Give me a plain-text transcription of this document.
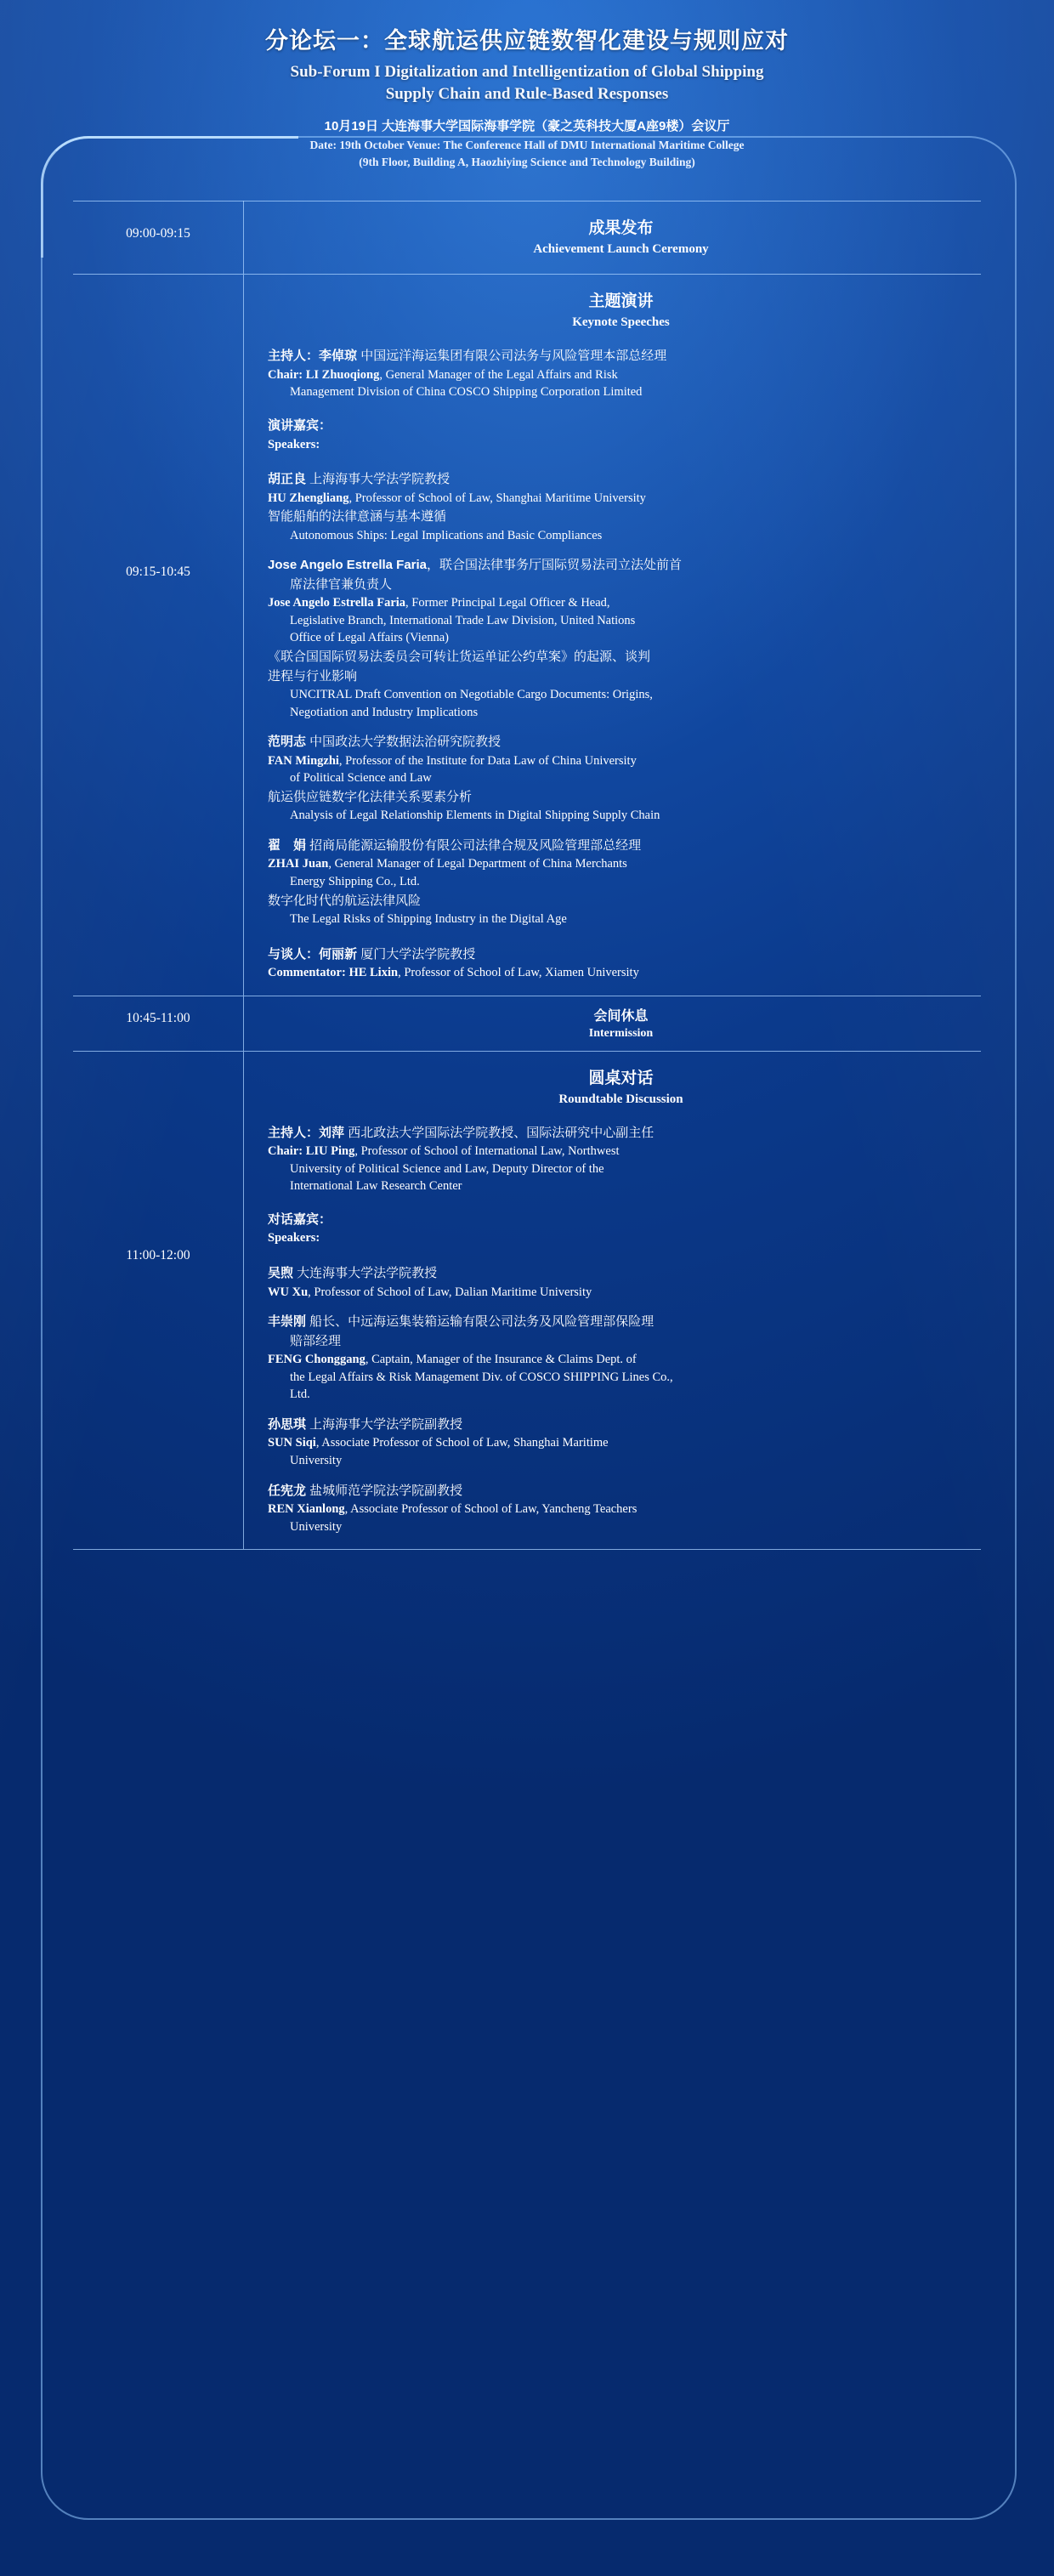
分论坛一：全球航运供应链数智化建设与规则应对
Sub-Forum I Digitalization and Intelligentization of Global Shipping
Supply Chain and Rule-Based Responses
10月19日 大连海事大学国际海事学院（豪之英科技大厦A座9楼）会议厅
Date: 19th October Venue: The Conference Hall of DMU International Maritime College
(9th Floor, Building A, Haozhiying Science and Technology Building)
09:00-09:15	成果发布
Achievement Launch Ceremony

09:15-10:45

主题演讲
Keynote Speeches
主持人：李倬琼 中国远洋海运集团有限公司法务与风险管理本部总经理
Chair: LI Zhuoqiong, General Manager of the Legal Affairs and Risk
Management Division of China COSCO Shipping Corporation Limited
演讲嘉宾：
Speakers:
胡正良 上海海事大学法学院教授
HU Zhengliang, Professor of School of Law, Shanghai Maritime University
智能船舶的法律意涵与基本遵循
Autonomous Ships: Legal Implications and Basic Compliances
Jose Angelo Estrella Faria，联合国法律事务厅国际贸易法司立法处前首
席法律官兼负责人
Jose Angelo Estrella Faria, Former Principal Legal Officer & Head,
Legislative Branch, International Trade Law Division, United Nations
Office of Legal Affairs (Vienna)
《联合国国际贸易法委员会可转让货运单证公约草案》的起源、谈判
进程与行业影响
UNCITRAL Draft Convention on Negotiable Cargo Documents: Origins,
Negotiation and Industry Implications
范明志 中国政法大学数据法治研究院教授
FAN Mingzhi, Professor of the Institute for Data Law of China University
of Political Science and Law
航运供应链数字化法律关系要素分析
Analysis of Legal Relationship Elements in Digital Shipping Supply Chain
翟　娟 招商局能源运输股份有限公司法律合规及风险管理部总经理
ZHAI Juan, General Manager of Legal Department of China Merchants
Energy Shipping Co., Ltd.
数字化时代的航运法律风险
The Legal Risks of Shipping Industry in the Digital Age
与谈人：何丽新 厦门大学法学院教授
Commentator: HE Lixin, Professor of School of Law, Xiamen University

10:45-11:00	会间休息
Intermission

11:00-12:00

圆桌对话
Roundtable Discussion
主持人：刘萍 西北政法大学国际法学院教授、国际法研究中心副主任
Chair: LIU Ping, Professor of School of International Law, Northwest
University of Political Science and Law, Deputy Director of the
International Law Research Center
对话嘉宾：
Speakers:
吴煦 大连海事大学法学院教授
WU Xu, Professor of School of Law, Dalian Maritime University
丰崇刚 船长、中远海运集装箱运输有限公司法务及风险管理部保险理
赔部经理
FENG Chonggang, Captain, Manager of the Insurance & Claims Dept. of
the Legal Affairs & Risk Management Div. of COSCO SHIPPING Lines Co.,
Ltd.
孙思琪 上海海事大学法学院副教授
SUN Siqi, Associate Professor of School of Law, Shanghai Maritime
University
任宪龙 盐城师范学院法学院副教授
REN Xianlong, Associate Professor of School of Law, Yancheng Teachers
University
